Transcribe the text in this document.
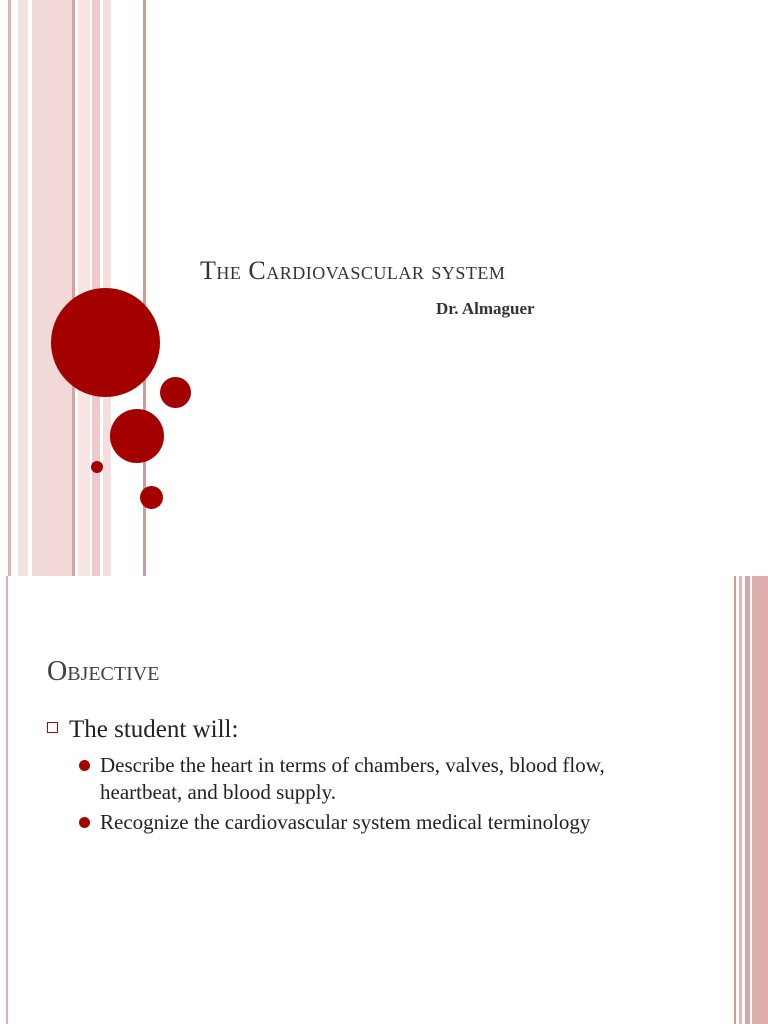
The Cardiovascular system
Dr. Almaguer
Objective
The student will:
Describe the heart in terms of chambers, valves, blood flow, heartbeat, and blood supply.
Recognize the cardiovascular system medical terminology
